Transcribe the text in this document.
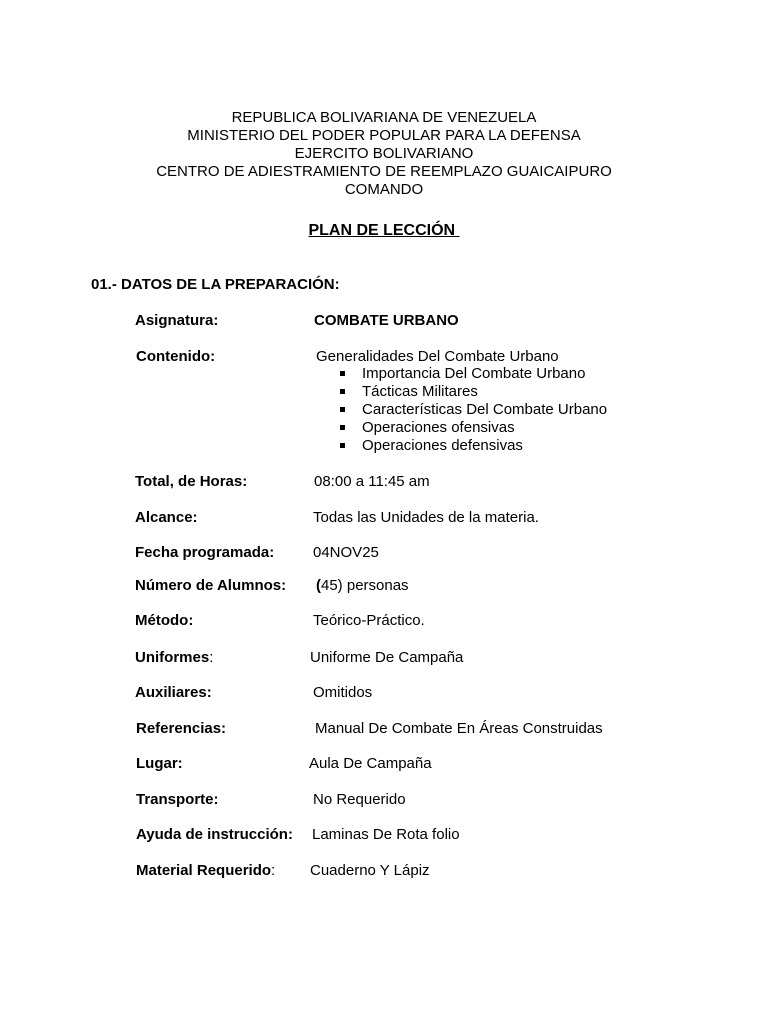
REPUBLICA BOLIVARIANA DE VENEZUELA
MINISTERIO DEL PODER POPULAR PARA LA DEFENSA
EJERCITO BOLIVARIANO
CENTRO DE ADIESTRAMIENTO DE REEMPLAZO GUAICAIPURO
COMANDO
PLAN DE LECCIÓN
01.- DATOS DE LA PREPARACIÓN:
Asignatura:	COMBATE URBANO
Contenido:	Generalidades Del Combate Urbano
Importancia Del Combate Urbano
Tácticas Militares
Características Del Combate Urbano
Operaciones ofensivas
Operaciones defensivas
Total, de Horas:	08:00 a 11:45 am
Alcance:	Todas las Unidades de la materia.
Fecha programada:	04NOV25
Número de Alumnos: (45) personas
Método:	Teórico-Práctico.
Uniformes:	Uniforme De Campaña
Auxiliares:	Omitidos
Referencias:	Manual De Combate En Áreas Construidas
Lugar:	Aula De Campaña
Transporte:	No Requerido
Ayuda de instrucción: Laminas De Rota folio
Material Requerido: Cuaderno Y Lápiz
